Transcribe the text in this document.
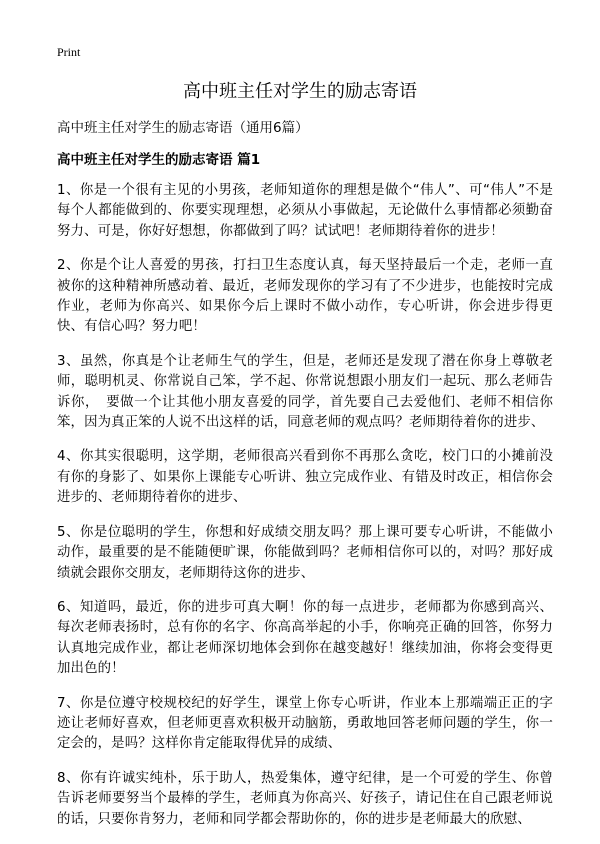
Print
高中班主任对学生的励志寄语

高中班主任对学生的励志寄语（通用6篇）

高中班主任对学生的励志寄语 篇1

1、你是一个很有主见的小男孩，老师知道你的理想是做个“伟人”、可“伟人”不是每个人都能做到的、你要实现理想，必须从小事做起，无论做什么事情都必须勤奋努力、可是，你好好想想，你都做到了吗？试试吧！老师期待着你的进步！

2、你是个让人喜爱的男孩，打扫卫生态度认真，每天坚持最后一个走，老师一直被你的这种精神所感动着、最近，老师发现你的学习有了不少进步，也能按时完成作业，老师为你高兴、如果你今后上课时不做小动作，专心听讲，你会进步得更快、有信心吗？努力吧！

3、虽然，你真是个让老师生气的学生，但是，老师还是发现了潜在你身上尊敬老师，聪明机灵、你常说自己笨，学不起、你常说想跟小朋友们一起玩、那么老师告诉你，　要做一个让其他小朋友喜爱的同学，首先要自己去爱他们、老师不相信你笨，因为真正笨的人说不出这样的话，同意老师的观点吗？老师期待着你的进步、

4、你其实很聪明，这学期，老师很高兴看到你不再那么贪吃，校门口的小摊前没有你的身影了、如果你上课能专心听讲、独立完成作业、有错及时改正，相信你会进步的、老师期待着你的进步、

5、你是位聪明的学生，你想和好成绩交朋友吗？那上课可要专心听讲，不能做小动作，最重要的是不能随便旷课，你能做到吗？老师相信你可以的，对吗？那好成绩就会跟你交朋友，老师期待这你的进步、

6、知道吗，最近，你的进步可真大啊！你的每一点进步，老师都为你感到高兴、每次老师表扬时，总有你的名字、你高高举起的小手，你响亮正确的回答，你努力认真地完成作业，都让老师深切地体会到你在越变越好！继续加油，你将会变得更加出色的！

7、你是位遵守校规校纪的好学生，课堂上你专心听讲，作业本上那端端正正的字迹让老师好喜欢，但老师更喜欢积极开动脑筋，勇敢地回答老师问题的学生，你一定会的，是吗？这样你肯定能取得优异的成绩、

8、你有许诚实纯朴，乐于助人，热爱集体，遵守纪律，是一个可爱的学生、你曾告诉老师要努当个最棒的学生，老师真为你高兴、好孩子，请记住在自己跟老师说的话，只要你肯努力，老师和同学都会帮助你的，你的进步是老师最大的欣慰、
